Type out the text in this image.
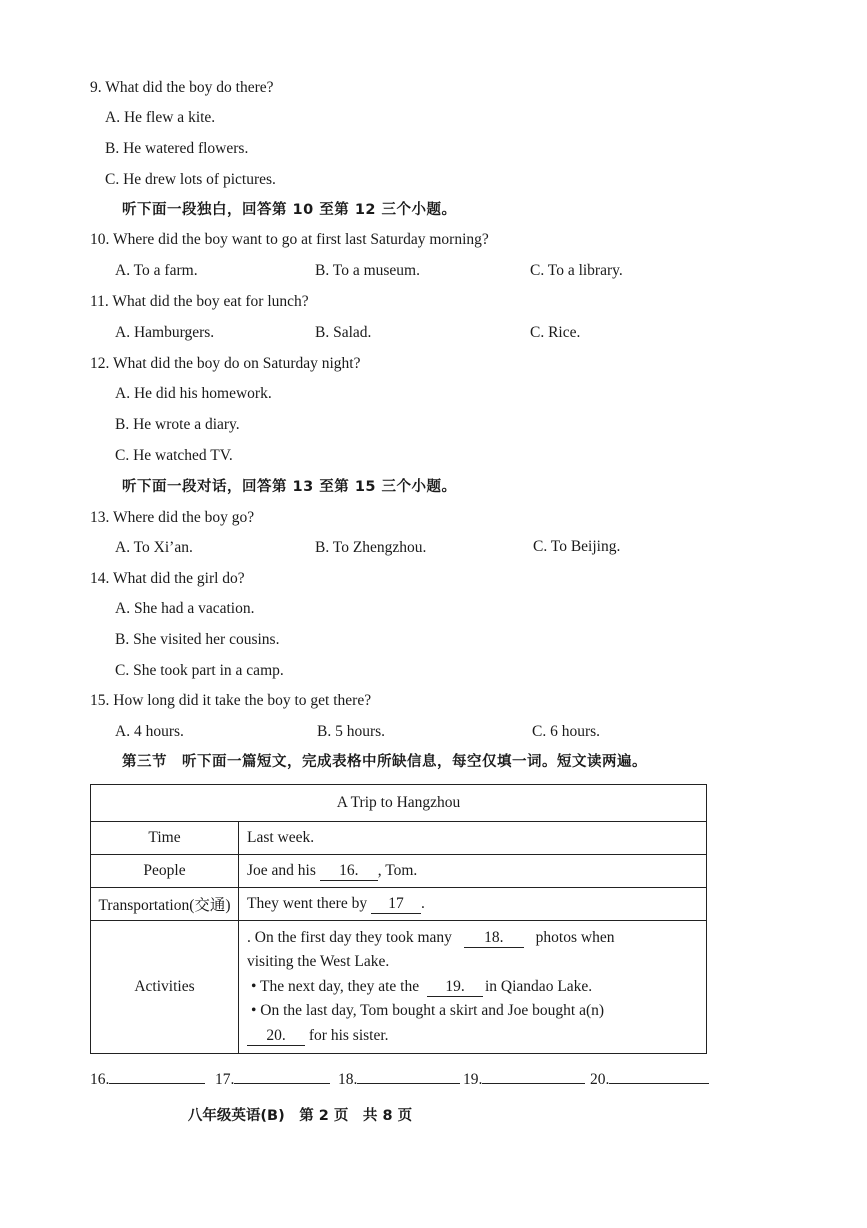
9. What did the boy do there?
A. He flew a kite.
B. He watered flowers.
C. He drew lots of pictures.
听下面一段独白，回答第 10 至第 12 三个小题。
10. Where did the boy want to go at first last Saturday morning?
A. To a farm.	B. To a museum.	C. To a library.
11. What did the boy eat for lunch?
A. Hamburgers.	B. Salad.	C. Rice.
12. What did the boy do on Saturday night?
A. He did his homework.
B. He wrote a diary.
C. He watched TV.
听下面一段对话，回答第 13 至第 15 三个小题。
13. Where did the boy go?
A. To Xi’an.	B. To Zhengzhou.	C. To Beijing.
14. What did the girl do?
A. She had a vacation.
B. She visited her cousins.
C. She took part in a camp.
15. How long did it take the boy to get there?
A. 4 hours.	B. 5 hours.	C. 6 hours.
第三节　听下面一篇短文，完成表格中所缺信息，每空仅填一词。短文读两遍。
A Trip to Hangzhou	
Time	Last week.
People	Joe and his 16. , Tom.
Transportation(交通)	They went there by 17 .
Activities	. On the first day they took many 18. photos when

visiting the West Lake.

• The next day, they ate the 19. in Qiandao Lake.

• On the last day, Tom bought a skirt and Joe bought a(n)

20. for his sister.

16.	17.	18.	19.	20.
八年级英语(B)　第 2 页　共 8 页
